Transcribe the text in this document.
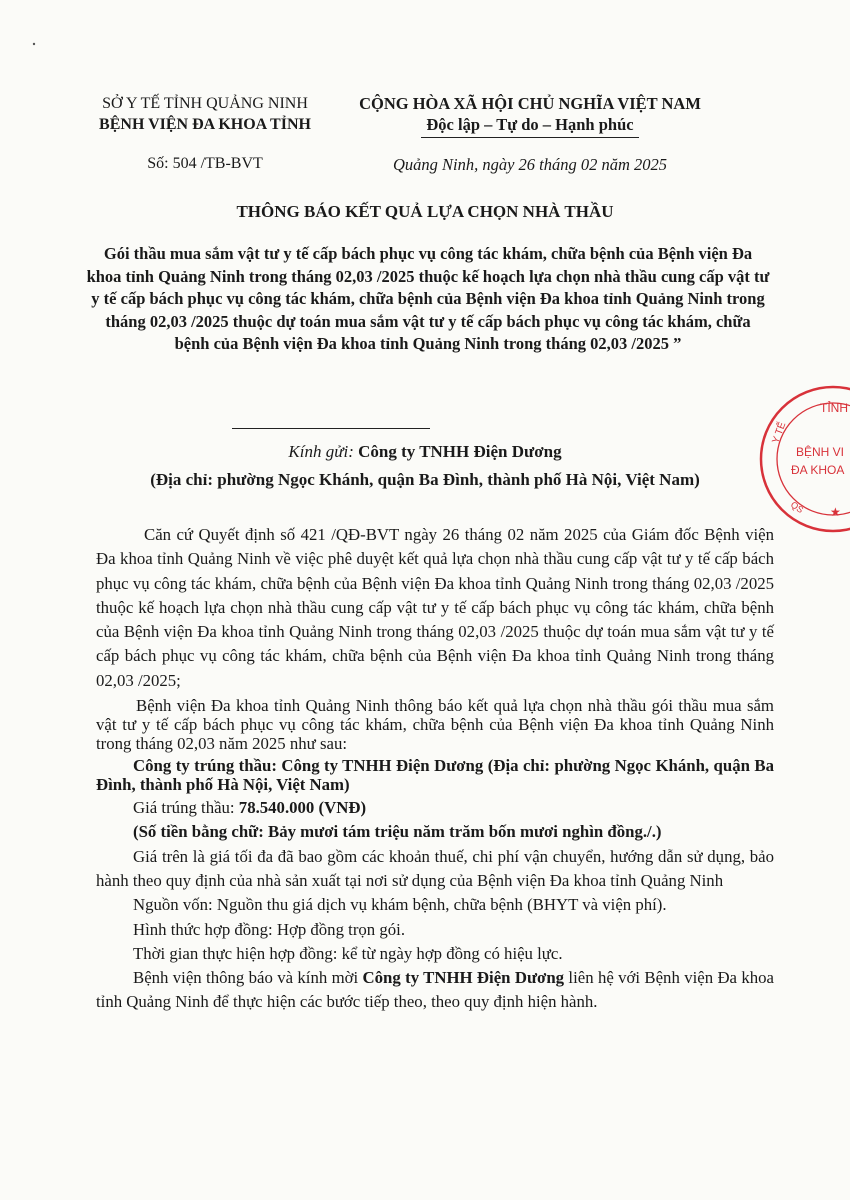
SỞ Y TẾ TỈNH QUẢNG NINH
BỆNH VIỆN ĐA KHOA TỈNH
CỘNG HÒA XÃ HỘI CHỦ NGHĨA VIỆT NAM
Độc lập – Tự do – Hạnh phúc
Số: 504 /TB-BVT	Quảng Ninh, ngày 26 tháng 02 năm 2025
THÔNG BÁO KẾT QUẢ LỰA CHỌN NHÀ THẦU
Gói thầu mua sắm vật tư y tế cấp bách phục vụ công tác khám, chữa bệnh của Bệnh viện Đa khoa tỉnh Quảng Ninh trong tháng 02,03 /2025 thuộc kế hoạch lựa chọn nhà thầu cung cấp vật tư y tế cấp bách phục vụ công tác khám, chữa bệnh của Bệnh viện Đa khoa tỉnh Quảng Ninh trong tháng 02,03 /2025 thuộc dự toán mua sắm vật tư y tế cấp bách phục vụ công tác khám, chữa bệnh của Bệnh viện Đa khoa tỉnh Quảng Ninh trong tháng 02,03 /2025 ”
Kính gửi: Công ty TNHH Điện Dương
(Địa chỉ: phường Ngọc Khánh, quận Ba Đình, thành phố Hà Nội, Việt Nam)

Căn cứ Quyết định số 421 /QĐ-BVT ngày 26 tháng 02 năm 2025 của Giám đốc Bệnh viện Đa khoa tỉnh Quảng Ninh về việc phê duyệt kết quả lựa chọn nhà thầu cung cấp vật tư y tế cấp bách phục vụ công tác khám, chữa bệnh của Bệnh viện Đa khoa tỉnh Quảng Ninh trong tháng 02,03 /2025 thuộc kế hoạch lựa chọn nhà thầu cung cấp vật tư y tế cấp bách phục vụ công tác khám, chữa bệnh của Bệnh viện Đa khoa tỉnh Quảng Ninh trong tháng 02,03 /2025 thuộc dự toán mua sắm vật tư y tế cấp bách phục vụ công tác khám, chữa bệnh của Bệnh viện Đa khoa tỉnh Quảng Ninh trong tháng 02,03 /2025;

Bệnh viện Đa khoa tỉnh Quảng Ninh thông báo kết quả lựa chọn nhà thầu gói thầu mua sắm vật tư y tế cấp bách phục vụ công tác khám, chữa bệnh của Bệnh viện Đa khoa tỉnh Quảng Ninh trong tháng 02,03 năm 2025 như sau:

Công ty trúng thầu: Công ty TNHH Điện Dương (Địa chỉ: phường Ngọc Khánh, quận Ba Đình, thành phố Hà Nội, Việt Nam)

Giá trúng thầu: 78.540.000 (VNĐ)

(Số tiền bằng chữ: Bảy mươi tám triệu năm trăm bốn mươi nghìn đồng./.)

Giá trên là giá tối đa đã bao gồm các khoản thuế, chi phí vận chuyển, hướng dẫn sử dụng, bảo hành theo quy định của nhà sản xuất tại nơi sử dụng của Bệnh viện Đa khoa tỉnh Quảng Ninh

Nguồn vốn: Nguồn thu giá dịch vụ khám bệnh, chữa bệnh (BHYT và viện phí).

Hình thức hợp đồng: Hợp đồng trọn gói.

Thời gian thực hiện hợp đồng: kể từ ngày hợp đồng có hiệu lực.

Bệnh viện thông báo và kính mời Công ty TNHH Điện Dương liên hệ với Bệnh viện Đa khoa tỉnh Quảng Ninh để thực hiện các bước tiếp theo, theo quy định hiện hành.

TỈNH
BỆNH VI
ĐA KHOA
Y TẾ
QS ★
